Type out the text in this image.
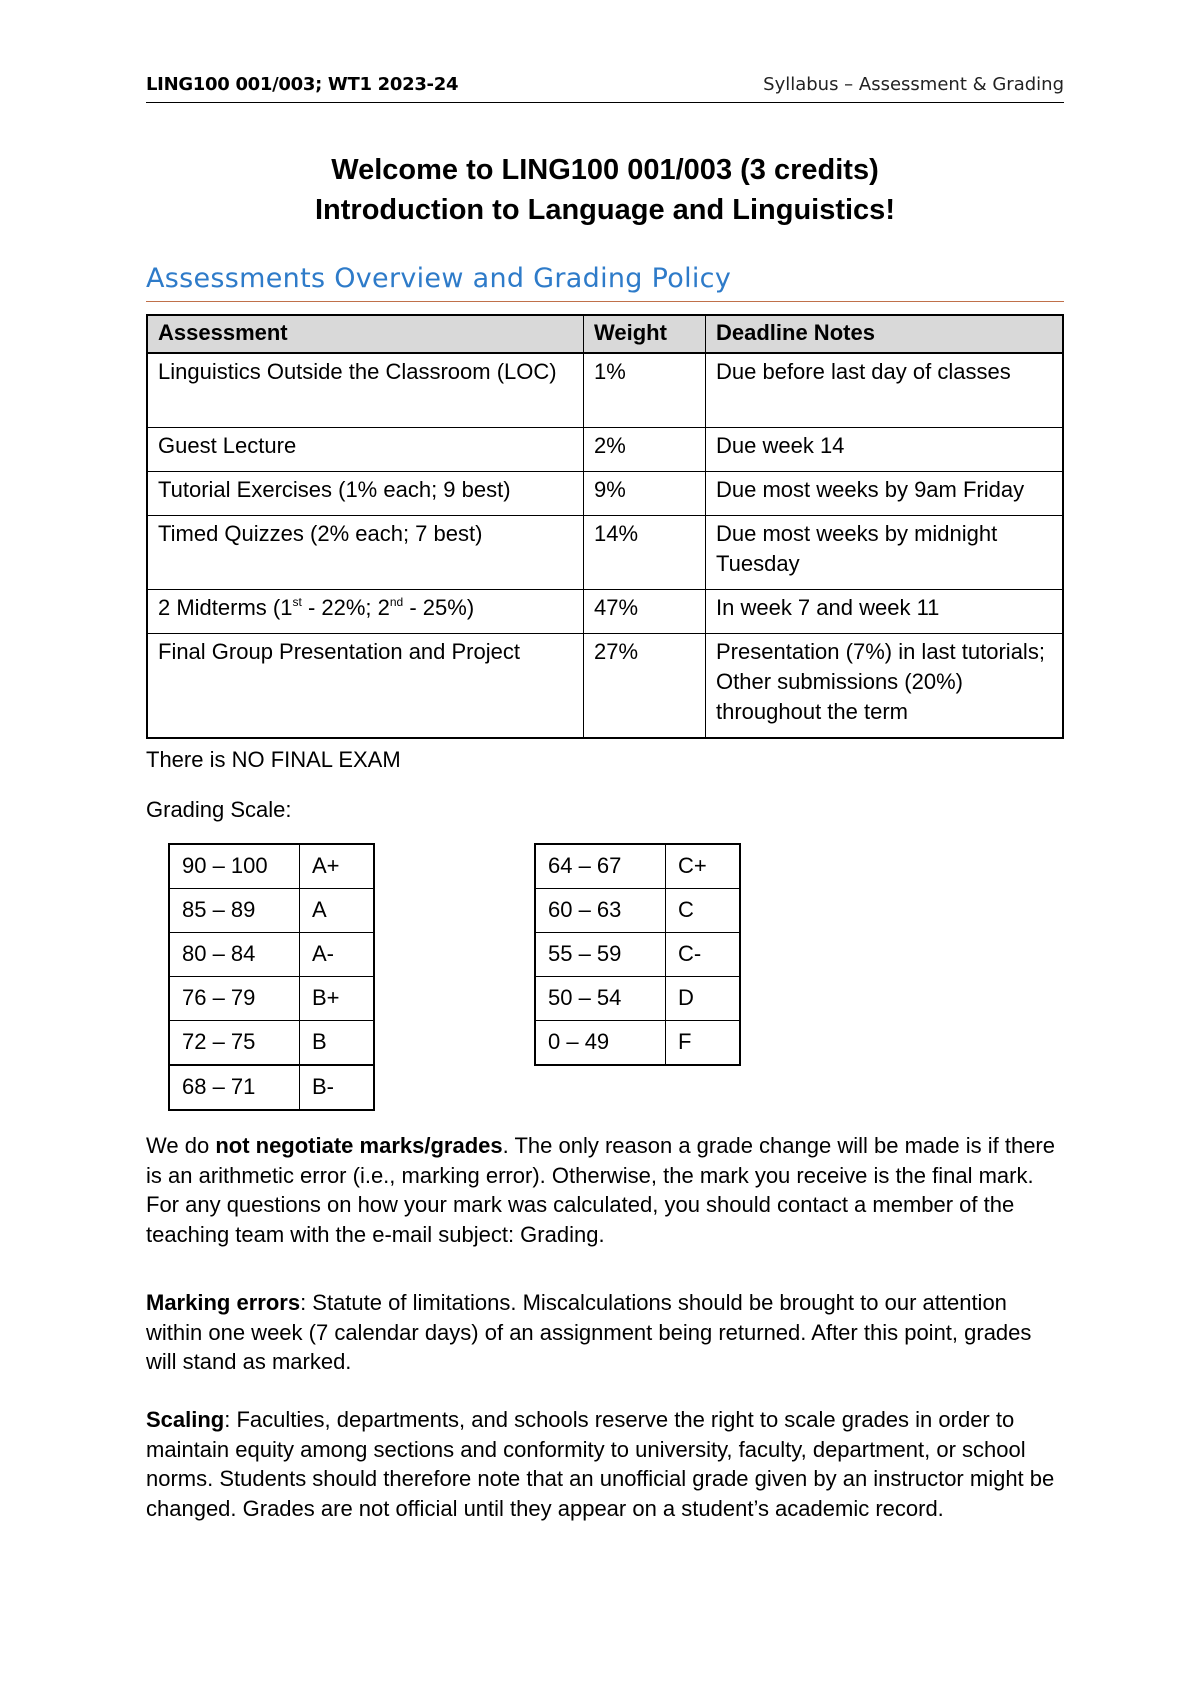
LING100 001/003; WT1 2023-24	Syllabus – Assessment & Grading
Welcome to LING100 001/003 (3 credits)
Introduction to Language and Linguistics!
Assessments Overview and Grading Policy
Assessment	Weight	Deadline Notes
Linguistics Outside the Classroom (LOC)	1%	Due before last day of classes
Guest Lecture	2%	Due week 14
Tutorial Exercises (1% each; 9 best)	9%	Due most weeks by 9am Friday
Timed Quizzes (2% each; 7 best)	14%	Due most weeks by midnight Tuesday
2 Midterms (1st - 22%; 2nd - 25%)	47%	In week 7 and week 11
Final Group Presentation and Project	27%	Presentation (7%) in last tutorials; Other submissions (20%) throughout the term
There is NO FINAL EXAM
Grading Scale:
90 – 100	A+
85 – 89	A
80 – 84	A-
76 – 79	B+
72 – 75	B
68 – 71	B-
64 – 67	C+
60 – 63	C
55 – 59	C-
50 – 54	D
0 – 49	F

We do not negotiate marks/grades. The only reason a grade change will be made is if there is an arithmetic error (i.e., marking error). Otherwise, the mark you receive is the final mark. For any questions on how your mark was calculated, you should contact a member of the teaching team with the e-mail subject: Grading.

Marking errors: Statute of limitations. Miscalculations should be brought to our attention within one week (7 calendar days) of an assignment being returned. After this point, grades will stand as marked.

Scaling: Faculties, departments, and schools reserve the right to scale grades in order to maintain equity among sections and conformity to university, faculty, department, or school norms. Students should therefore note that an unofficial grade given by an instructor might be changed. Grades are not official until they appear on a student’s academic record.
